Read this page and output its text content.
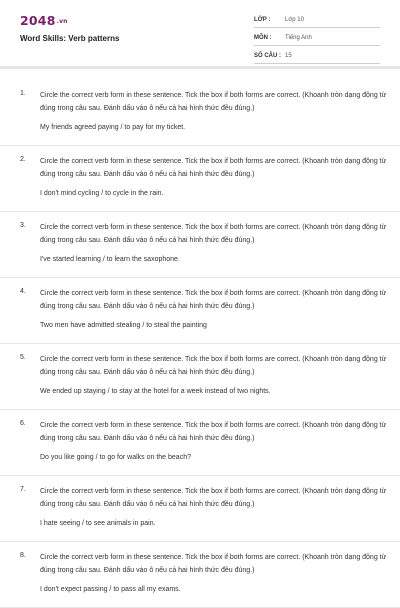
2048.vn
Word Skills: Verb patterns
LỚP : Lớp 10
MÔN : Tiếng Anh
SỐ CÂU : 15
1. Circle the correct verb form in these sentence. Tick the box if both forms are correct. (Khoanh tròn dạng động từ đúng trong câu sau. Đánh dấu vào ô nếu cả hai hình thức đều đúng.)
My friends agreed paying / to pay for my ticket.
2. Circle the correct verb form in these sentence. Tick the box if both forms are correct. (Khoanh tròn dạng động từ đúng trong câu sau. Đánh dấu vào ô nếu cả hai hình thức đều đúng.)
I don't mind cycling / to cycle in the rain.
3. Circle the correct verb form in these sentence. Tick the box if both forms are correct. (Khoanh tròn dạng động từ đúng trong câu sau. Đánh dấu vào ô nếu cả hai hình thức đều đúng.)
I've started learning / to learn the saxophone.
4. Circle the correct verb form in these sentence. Tick the box if both forms are correct. (Khoanh tròn dạng động từ đúng trong câu sau. Đánh dấu vào ô nếu cả hai hình thức đều đúng.)
Two men have admitted stealing / to steal the painting
5. Circle the correct verb form in these sentence. Tick the box if both forms are correct. (Khoanh tròn dạng động từ đúng trong câu sau. Đánh dấu vào ô nếu cả hai hình thức đều đúng.)
We ended up staying / to stay at the hotel for a week instead of two nights.
6. Circle the correct verb form in these sentence. Tick the box if both forms are correct. (Khoanh tròn dạng động từ đúng trong câu sau. Đánh dấu vào ô nếu cả hai hình thức đều đúng.)
Do you like going / to go for walks on the beach?
7. Circle the correct verb form in these sentence. Tick the box if both forms are correct. (Khoanh tròn dạng động từ đúng trong câu sau. Đánh dấu vào ô nếu cả hai hình thức đều đúng.)
I hate seeing / to see animals in pain.
8. Circle the correct verb form in these sentence. Tick the box if both forms are correct. (Khoanh tròn dạng động từ đúng trong câu sau. Đánh dấu vào ô nếu cả hai hình thức đều đúng.)
I don't expect passing / to pass all my exams.
